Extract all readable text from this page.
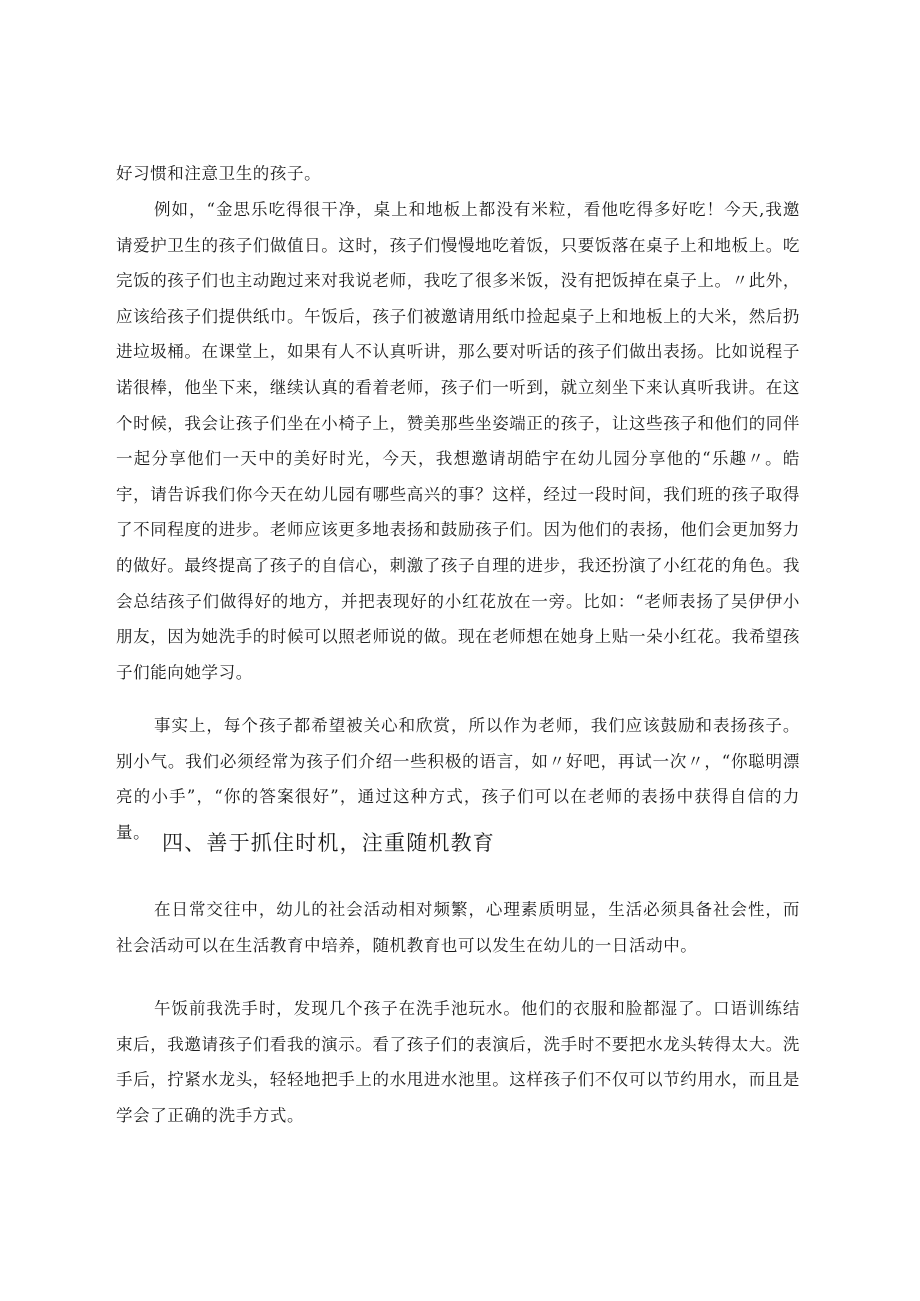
好习惯和注意卫生的孩子。

例如，“金思乐吃得很干净，桌上和地板上都没有米粒，看他吃得多好吃！今天,我邀请爱护卫生的孩子们做值日。这时，孩子们慢慢地吃着饭，只要饭落在桌子上和地板上。吃完饭的孩子们也主动跑过来对我说老师，我吃了很多米饭，没有把饭掉在桌子上。〃此外，应该给孩子们提供纸巾。午饭后，孩子们被邀请用纸巾捡起桌子上和地板上的大米，然后扔进垃圾桶。在课堂上，如果有人不认真听讲，那么要对听话的孩子们做出表扬。比如说程子诺很棒，他坐下来，继续认真的看着老师，孩子们一听到，就立刻坐下来认真听我讲。在这个时候，我会让孩子们坐在小椅子上，赞美那些坐姿端正的孩子，让这些孩子和他们的同伴一起分享他们一天中的美好时光，今天，我想邀请胡皓宇在幼儿园分享他的“乐趣〃。皓宇，请告诉我们你今天在幼儿园有哪些高兴的事？这样，经过一段时间，我们班的孩子取得了不同程度的进步。老师应该更多地表扬和鼓励孩子们。因为他们的表扬，他们会更加努力的做好。最终提高了孩子的自信心，刺激了孩子自理的进步，我还扮演了小红花的角色。我会总结孩子们做得好的地方，并把表现好的小红花放在一旁。比如：“老师表扬了吴伊伊小朋友，因为她洗手的时候可以照老师说的做。现在老师想在她身上贴一朵小红花。我希望孩子们能向她学习。

事实上，每个孩子都希望被关心和欣赏，所以作为老师，我们应该鼓励和表扬孩子。别小气。我们必须经常为孩子们介绍一些积极的语言，如〃好吧，再试一次〃，“你聪明漂亮的小手”，“你的答案很好”，通过这种方式，孩子们可以在老师的表扬中获得自信的力量。 四、善于抓住时机，注重随机教育

在日常交往中，幼儿的社会活动相对频繁，心理素质明显，生活必须具备社会性，而社会活动可以在生活教育中培养，随机教育也可以发生在幼儿的一日活动中。

午饭前我洗手时，发现几个孩子在洗手池玩水。他们的衣服和脸都湿了。口语训练结束后，我邀请孩子们看我的演示。看了孩子们的表演后，洗手时不要把水龙头转得太大。洗手后，拧紧水龙头，轻轻地把手上的水甩进水池里。这样孩子们不仅可以节约用水，而且是学会了正确的洗手方式。
